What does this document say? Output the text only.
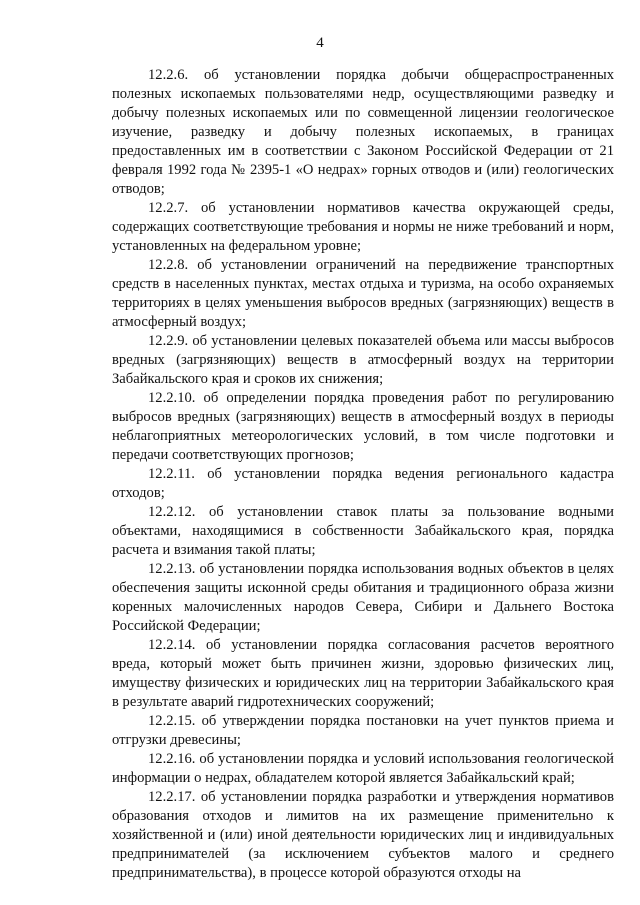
4

12.2.6. об установлении порядка добычи общераспространенных полезных ископаемых пользователями недр, осуществляющими разведку и добычу полезных ископаемых или по совмещенной лицензии геологическое изучение, разведку и добычу полезных ископаемых, в границах предоставленных им в соответствии с Законом Российской Федерации от 21 февраля 1992 года № 2395-1 «О недрах» горных отводов и (или) геологических отводов;

12.2.7. об установлении нормативов качества окружающей среды, содержащих соответствующие требования и нормы не ниже требований и норм, установленных на федеральном уровне;

12.2.8. об установлении ограничений на передвижение транспортных средств в населенных пунктах, местах отдыха и туризма, на особо охраняемых территориях в целях уменьшения выбросов вредных (загрязняющих) веществ в атмосферный воздух;

12.2.9. об установлении целевых показателей объема или массы выбросов вредных (загрязняющих) веществ в атмосферный воздух на территории Забайкальского края и сроков их снижения;

12.2.10. об определении порядка проведения работ по регулированию выбросов вредных (загрязняющих) веществ в атмосферный воздух в периоды неблагоприятных метеорологических условий, в том числе подготовки и передачи соответствующих прогнозов;

12.2.11. об установлении порядка ведения регионального кадастра отходов;

12.2.12. об установлении ставок платы за пользование водными объектами, находящимися в собственности Забайкальского края, порядка расчета и взимания такой платы;

12.2.13. об установлении порядка использования водных объектов в целях обеспечения защиты исконной среды обитания и традиционного образа жизни коренных малочисленных народов Севера, Сибири и Дальнего Востока Российской Федерации;

12.2.14. об установлении порядка согласования расчетов вероятного вреда, который может быть причинен жизни, здоровью физических лиц, имуществу физических и юридических лиц на территории Забайкальского края в результате аварий гидротехнических сооружений;

12.2.15. об утверждении порядка постановки на учет пунктов приема и отгрузки древесины;

12.2.16. об установлении порядка и условий использования геологической информации о недрах, обладателем которой является Забайкальский край;

12.2.17. об установлении порядка разработки и утверждения нормативов образования отходов и лимитов на их размещение применительно к хозяйственной и (или) иной деятельности юридических лиц и индивидуальных предпринимателей (за исключением субъектов малого и среднего предпринимательства), в процессе которой образуются отходы на
